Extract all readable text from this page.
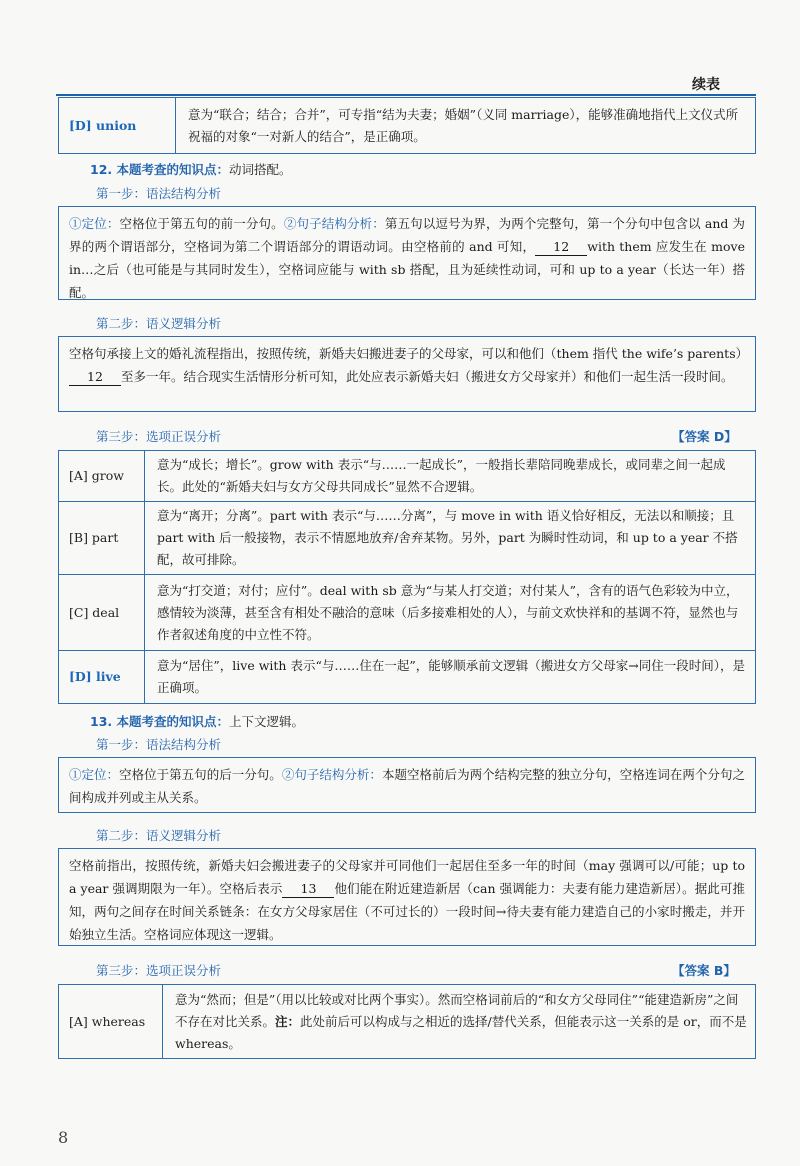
续表
[D] union	意为“联合；结合；合并”，可专指“结为夫妻；婚姻”（义同 marriage），能够准确地指代上文仪式所祝福的对象“一对新人的结合”，是正确项。
12. 本题考查的知识点：动词搭配。
第一步：语法结构分析
①定位：空格位于第五句的前一分句。②句子结构分析：第五句以逗号为界，为两个完整句，第一个分句中包含以 and 为界的两个谓语部分，空格词为第二个谓语部分的谓语动词。由空格前的 and 可知， 12 with them 应发生在 move in…之后（也可能是与其同时发生），空格词应能与 with sb 搭配，且为延续性动词，可和 up to a year（长达一年）搭配。
第二步：语义逻辑分析
空格句承接上文的婚礼流程指出，按照传统，新婚夫妇搬进妻子的父母家，可以和他们（them 指代 the wife’s parents）12 至多一年。结合现实生活情形分析可知，此处应表示新婚夫妇（搬进女方父母家并）和他们一起生活一段时间。
第三步：选项正误分析	【答案 D】
[A] grow	意为“成长；增长”。grow with 表示“与……一起成长”，一般指长辈陪同晚辈成长，或同辈之间一起成长。此处的“新婚夫妇与女方父母共同成长”显然不合逻辑。
[B] part	意为“离开；分离”。part with 表示“与……分离”，与 move in with 语义恰好相反，无法以和顺接；且 part with 后一般接物，表示不情愿地放弃/舍弃某物。另外，part 为瞬时性动词，和 up to a year 不搭配，故可排除。
[C] deal	意为“打交道；对付；应付”。deal with sb 意为“与某人打交道；对付某人”，含有的语气色彩较为中立，感情较为淡薄，甚至含有相处不融洽的意味（后多接难相处的人），与前文欢快祥和的基调不符，显然也与作者叙述角度的中立性不符。
[D] live	意为“居住”，live with 表示“与……住在一起”，能够顺承前文逻辑（搬进女方父母家→同住一段时间），是正确项。
13. 本题考查的知识点：上下文逻辑。
第一步：语法结构分析
①定位：空格位于第五句的后一分句。②句子结构分析：本题空格前后为两个结构完整的独立分句，空格连词在两个分句之间构成并列或主从关系。
第二步：语义逻辑分析
空格前指出，按照传统，新婚夫妇会搬进妻子的父母家并可同他们一起居住至多一年的时间（may 强调可以/可能；up to a year 强调期限为一年）。空格后表示 13 他们能在附近建造新居（can 强调能力：夫妻有能力建造新居）。据此可推知，两句之间存在时间关系链条：在女方父母家居住（不可过长的）一段时间→待夫妻有能力建造自己的小家时搬走，并开始独立生活。空格词应体现这一逻辑。
第三步：选项正误分析	【答案 B】
[A] whereas	意为“然而；但是”（用以比较或对比两个事实）。然而空格词前后的“和女方父母同住”“能建造新房”之间不存在对比关系。注：此处前后可以构成与之相近的选择/替代关系，但能表示这一关系的是 or，而不是 whereas。
8
